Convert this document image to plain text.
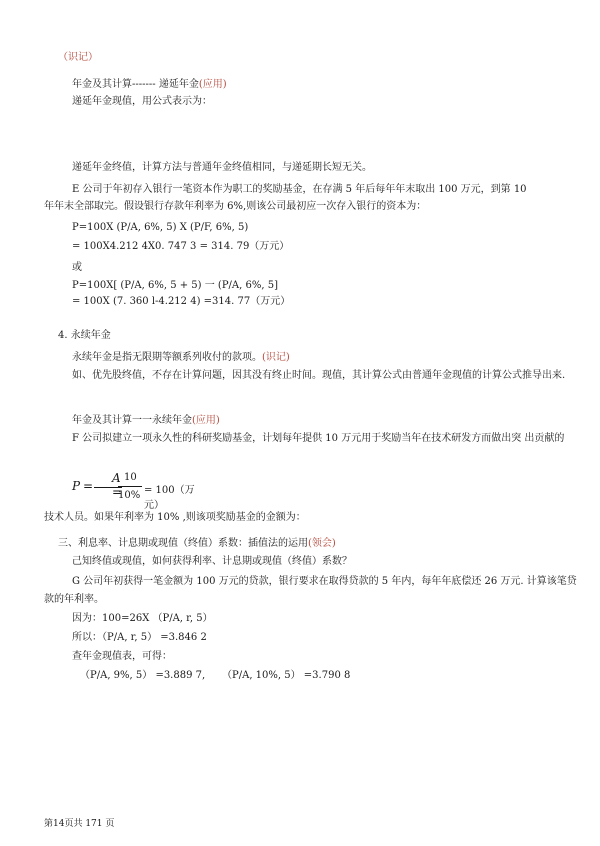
（识记）
年金及其计算------- 递延年金(应用)
递延年金现值，用公式表示为：
递延年金终值，计算方法与普通年金终值相同，与递延期长短无关。
E 公司于年初存入银行一笔资本作为职工的奖励基金，在存满 5 年后每年年末取出 100 万元，到第 10
年年末全部取完。假设银行存款年利率为 6%,则该公司最初应一次存入银行的资本为：
P=100X (P/A, 6%, 5) X (P/F, 6%, 5)
= 100X4.212 4X0. 747 3 = 314. 79（万元）
或
P=100X[ (P/A, 6%, 5 + 5) 一 (P/A, 6%, 5]
= 100X (7. 360 l-4.212 4) =314. 77（万元）
4. 永续年金
永续年金是指无限期等额系列收付的款项。(识记)
如、优先股终值，不存在计算问题，因其没有终止时间。现值，其计算公式由普通年金现值的计算公式推导出来.
年金及其计算一一永续年金(应用)
F 公司拟建立一项永久性的科研奖励基金，计划每年提供 10 万元用于奖励当年在技术研发方而做出突 出贡献的
P =
A
=
10
10% = 100（万元）
技术人员。如果年利率为 10% ,则该项奖励基金的金额为：
三、利息率、计息期或现值（终值）系数：插值法的运用(领会)
己知终值或现值，如何获得利率、计息期或现值（终值）系数？
G 公司年初获得一笔金额为 100 万元的贷款，银行要求在取得贷款的 5 年内，每年年底偿还 26 万元. 计算该笔贷
款的年利率。
因为：100=26X （P/A, r, 5）
所以：（P/A, r, 5） =3.846 2
查年金现值表，可得：
（P/A, 9%, 5） =3.889 7, （P/A, 10%, 5） =3.790 8
第14页共 171 页
